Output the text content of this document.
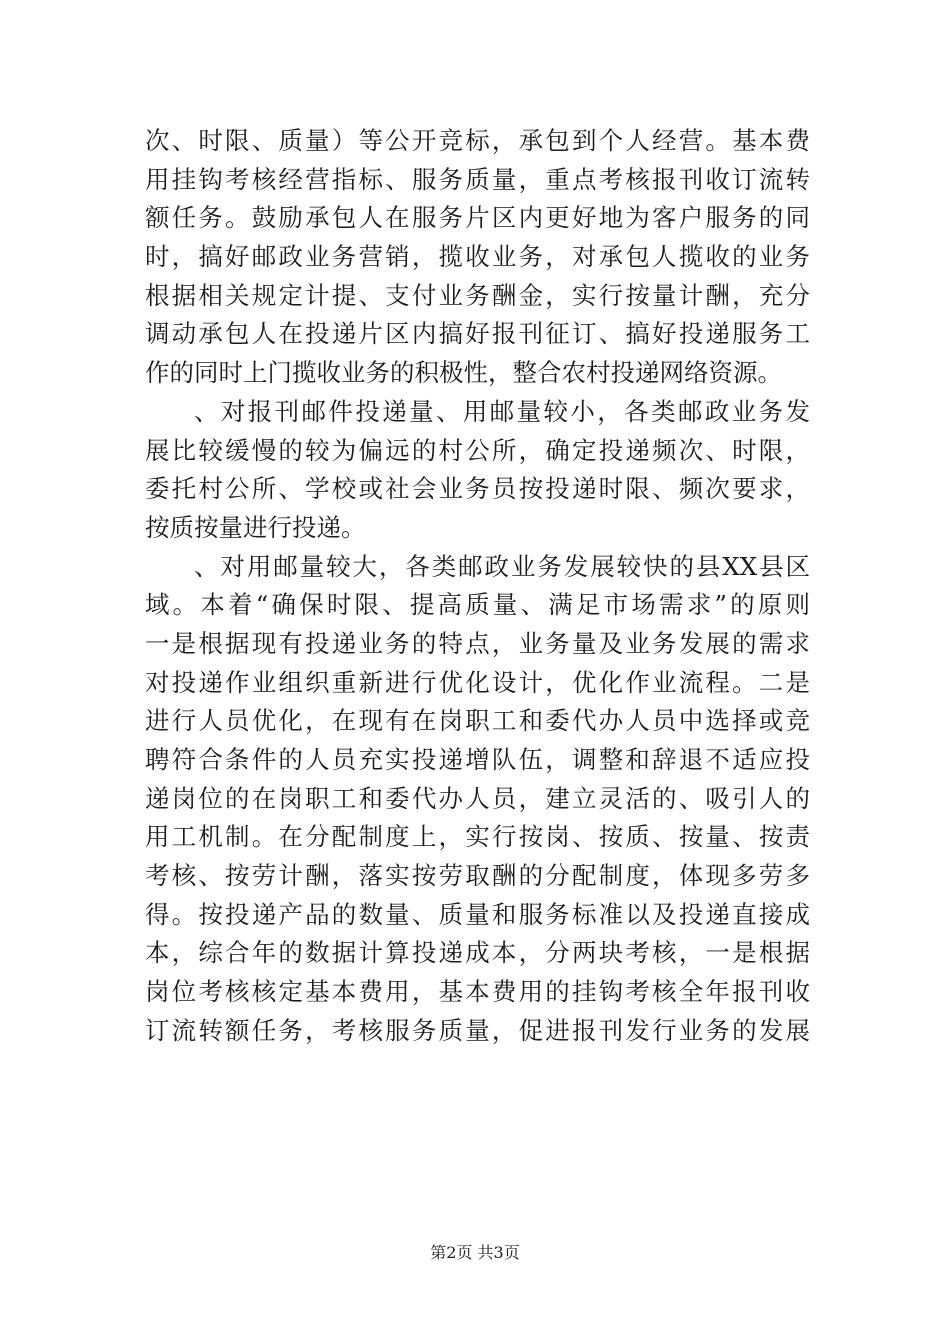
次、时限、质量）等公开竞标，承包到个人经营。基本费
用挂钩考核经营指标、服务质量，重点考核报刊收订流转
额任务。鼓励承包人在服务片区内更好地为客户服务的同
时，搞好邮政业务营销，揽收业务，对承包人揽收的业务
根据相关规定计提、支付业务酬金，实行按量计酬，充分
调动承包人在投递片区内搞好报刊征订、搞好投递服务工
作的同时上门揽收业务的积极性，整合农村投递网络资源。
、对报刊邮件投递量、用邮量较小，各类邮政业务发
展比较缓慢的较为偏远的村公所，确定投递频次、时限，
委托村公所、学校或社会业务员按投递时限、频次要求，
按质按量进行投递。
、对用邮量较大，各类邮政业务发展较快的县XX县区
域。本着“确保时限、提高质量、满足市场需求”的原则
一是根据现有投递业务的特点，业务量及业务发展的需求
对投递作业组织重新进行优化设计，优化作业流程。二是
进行人员优化，在现有在岗职工和委代办人员中选择或竞
聘符合条件的人员充实投递增队伍，调整和辞退不适应投
递岗位的在岗职工和委代办人员，建立灵活的、吸引人的
用工机制。在分配制度上，实行按岗、按质、按量、按责
考核、按劳计酬，落实按劳取酬的分配制度，体现多劳多
得。按投递产品的数量、质量和服务标准以及投递直接成
本，综合年的数据计算投递成本，分两块考核，一是根据
岗位考核核定基本费用，基本费用的挂钩考核全年报刊收
订流转额任务，考核服务质量，促进报刊发行业务的发展
第2页 共3页
